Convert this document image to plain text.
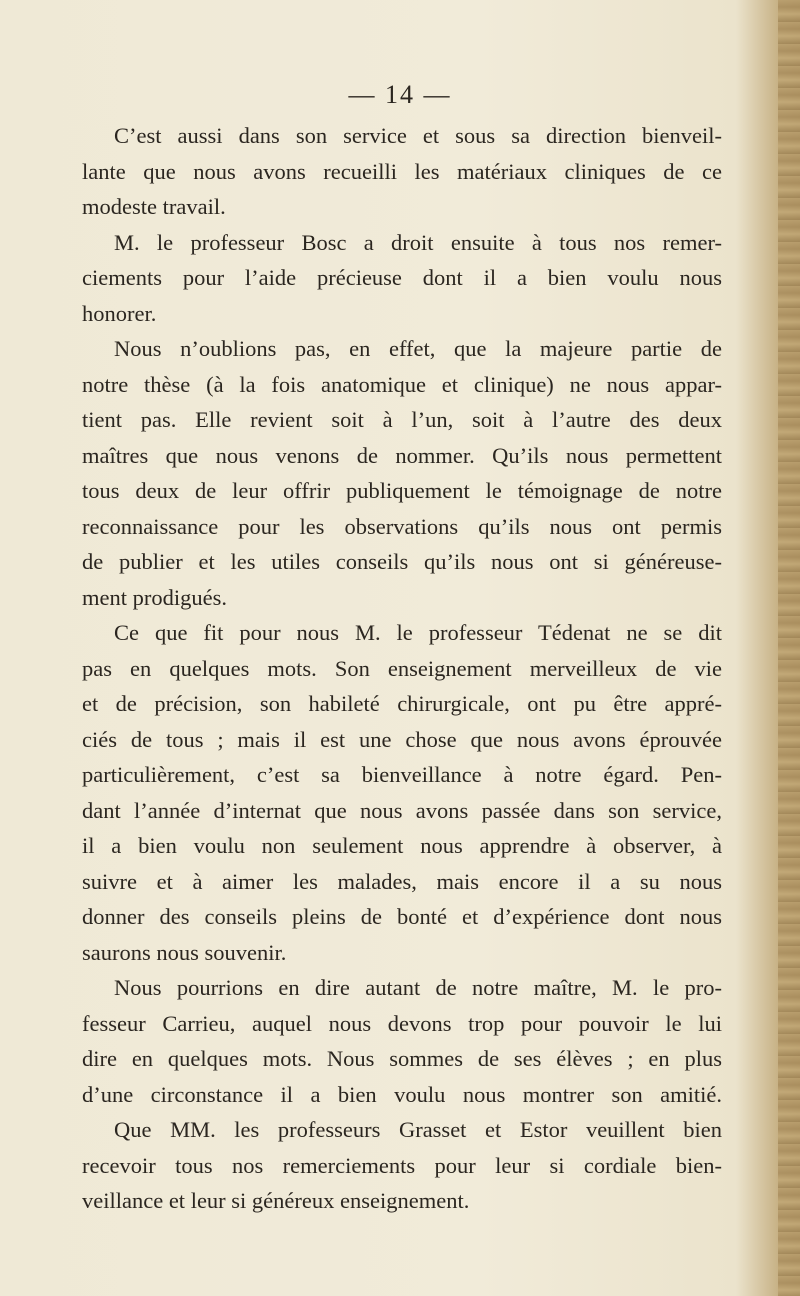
— 14 —
C’est aussi dans son service et sous sa direction bienveil-
lante que nous avons recueilli les matériaux cliniques de ce
modeste travail.
M. le professeur Bosc a droit ensuite à tous nos remer-
ciements pour l’aide précieuse dont il a bien voulu nous
honorer.
Nous n’oublions pas, en effet, que la majeure partie de
notre thèse (à la fois anatomique et clinique) ne nous appar-
tient pas. Elle revient soit à l’un, soit à l’autre des deux
maîtres que nous venons de nommer. Qu’ils nous permettent
tous deux de leur offrir publiquement le témoignage de notre
reconnaissance pour les observations qu’ils nous ont permis
de publier et les utiles conseils qu’ils nous ont si généreuse-
ment prodigués.
Ce que fit pour nous M. le professeur Tédenat ne se dit
pas en quelques mots. Son enseignement merveilleux de vie
et de précision, son habileté chirurgicale, ont pu être appré-
ciés de tous ; mais il est une chose que nous avons éprouvée
particulièrement, c’est sa bienveillance à notre égard. Pen-
dant l’année d’internat que nous avons passée dans son service,
il a bien voulu non seulement nous apprendre à observer, à
suivre et à aimer les malades, mais encore il a su nous
donner des conseils pleins de bonté et d’expérience dont nous
saurons nous souvenir.
Nous pourrions en dire autant de notre maître, M. le pro-
fesseur Carrieu, auquel nous devons trop pour pouvoir le lui
dire en quelques mots. Nous sommes de ses élèves ; en plus
d’une circonstance il a bien voulu nous montrer son amitié.
Que MM. les professeurs Grasset et Estor veuillent bien
recevoir tous nos remerciements pour leur si cordiale bien-
veillance et leur si généreux enseignement.
